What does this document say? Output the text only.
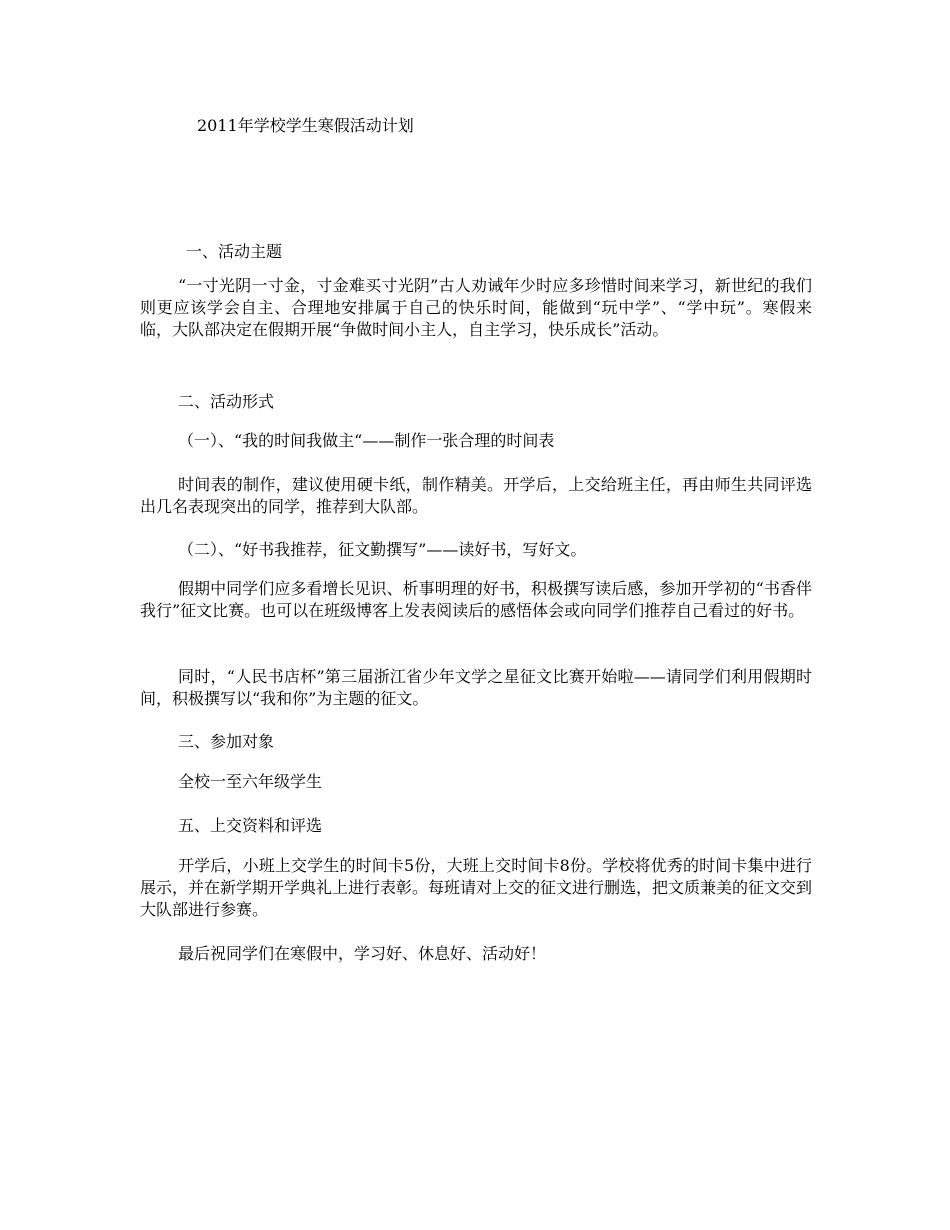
2011年学校学生寒假活动计划

一、活动主题

“一寸光阴一寸金，寸金难买寸光阴”古人劝诫年少时应多珍惜时间来学习，新世纪的我们则更应该学会自主、合理地安排属于自己的快乐时间，能做到“玩中学”、“学中玩”。寒假来临，大队部决定在假期开展“争做时间小主人，自主学习，快乐成长”活动。

二、活动形式

（一）、“我的时间我做主“——制作一张合理的时间表

时间表的制作，建议使用硬卡纸，制作精美。开学后，上交给班主任，再由师生共同评选出几名表现突出的同学，推荐到大队部。

（二）、“好书我推荐，征文勤撰写”——读好书，写好文。

假期中同学们应多看增长见识、析事明理的好书，积极撰写读后感，参加开学初的“书香伴我行”征文比赛。也可以在班级博客上发表阅读后的感悟体会或向同学们推荐自己看过的好书。

同时，“人民书店杯”第三届浙江省少年文学之星征文比赛开始啦——请同学们利用假期时间，积极撰写以“我和你”为主题的征文。

三、参加对象

全校一至六年级学生

五、上交资料和评选

开学后，小班上交学生的时间卡5份，大班上交时间卡8份。学校将优秀的时间卡集中进行展示，并在新学期开学典礼上进行表彰。每班请对上交的征文进行删选，把文质兼美的征文交到大队部进行参赛。

最后祝同学们在寒假中，学习好、休息好、活动好！
